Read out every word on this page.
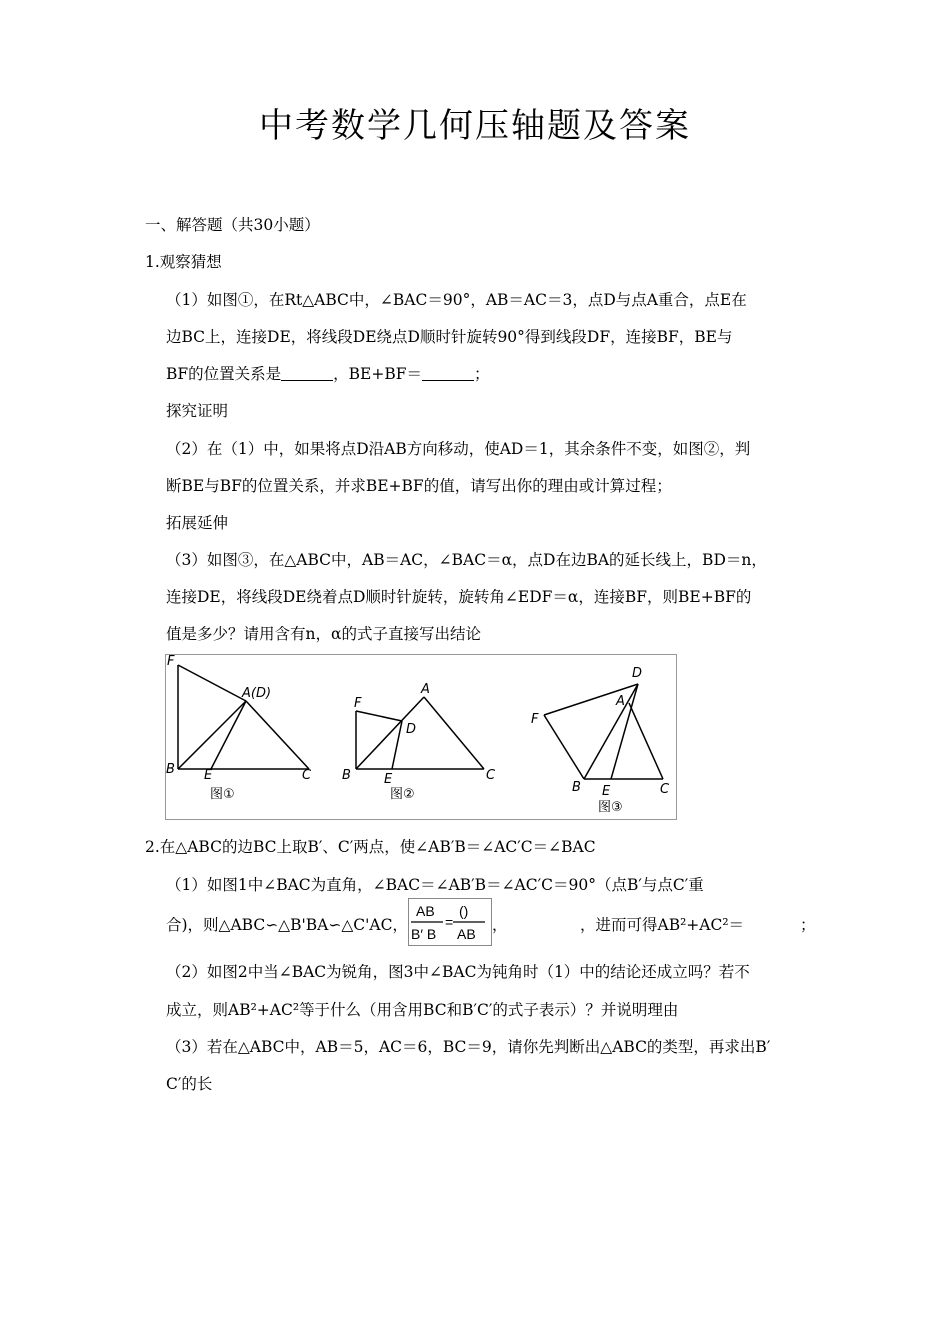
中考数学几何压轴题及答案
一、解答题（共30小题）
1.观察猜想
（1）如图①，在Rt△ABC中，∠BAC＝90°，AB＝AC＝3，点D与点A重合，点E在
边BC上，连接DE，将线段DE绕点D顺时针旋转90°得到线段DF，连接BF，BE与
BF的位置关系是	，BE+BF＝	；
探究证明
（2）在（1）中，如果将点D沿AB方向移动，使AD＝1，其余条件不变，如图②，判
断BE与BF的位置关系，并求BE+BF的值，请写出你的理由或计算过程；
拓展延伸
（3）如图③，在△ABC中，AB＝AC，∠BAC＝α，点D在边BA的延长线上，BD＝n，
连接DE，将线段DE绕着点D顺时针旋转，旋转角∠EDF＝α，连接BF，则BE+BF的
值是多少？请用含有n，α的式子直接写出结论
F
A(D)
B E	C
图①
F
A
D
B	E	C
图②
D
A
F
B E	C
图③
2.在△ABC的边BC上取B′、C′两点，使∠AB′B＝∠AC′C＝∠BAC
（1）如图1中∠BAC为直角，∠BAC＝∠AB′B＝∠AC′C＝90°（点B′与点C′重
合)，则△ABC∽△B'BA∽△C'AC，
AB ()
=
B′ B AB ，	，进而可得AB²+AC²＝	；
（2）如图2中当∠BAC为锐角，图3中∠BAC为钝角时（1）中的结论还成立吗？若不
成立，则AB²+AC²等于什么（用含用BC和B′C′的式子表示）？并说明理由
（3）若在△ABC中，AB＝5，AC＝6，BC＝9，请你先判断出△ABC的类型，再求出B′
C′的长
